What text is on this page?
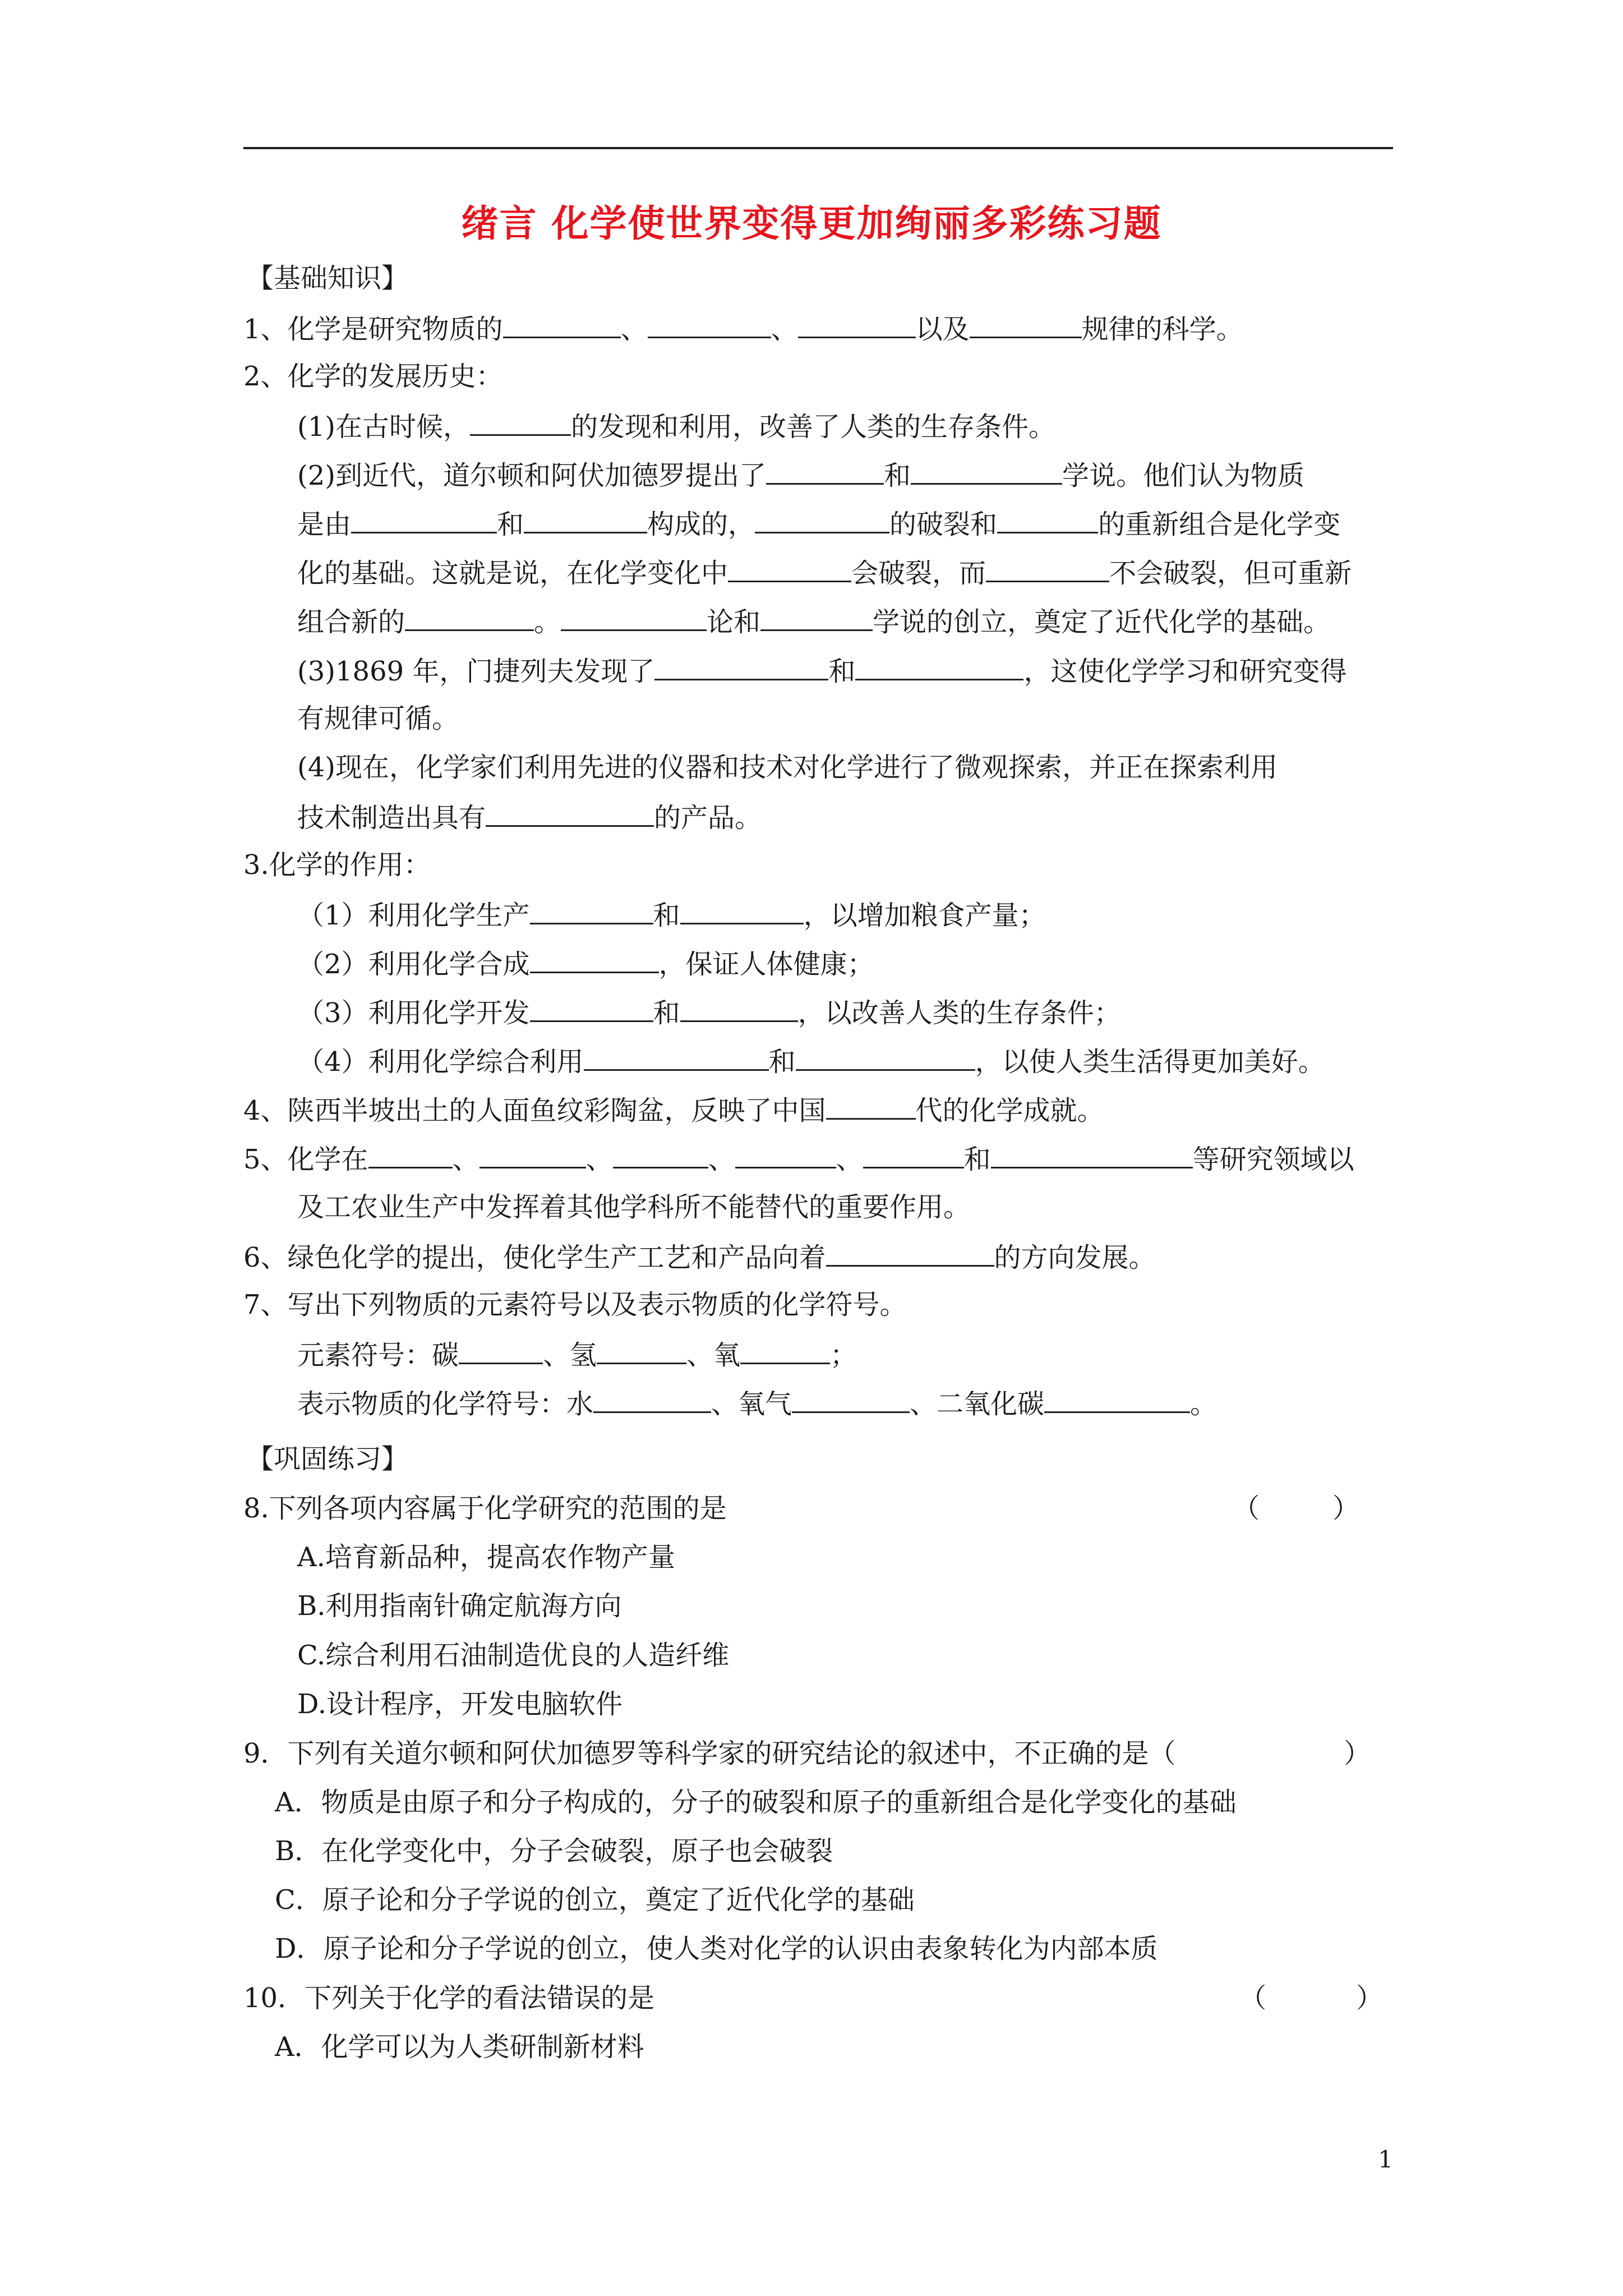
绪言 化学使世界变得更加绚丽多彩练习题
【基础知识】
1、化学是研究物质的	、	、	以及	规律的科学。
2、化学的发展历史：
(1)在古时候，	的发现和利用，改善了人类的生存条件。
(2)到近代，道尔顿和阿伏加德罗提出了	和	学说。他们认为物质
是由	和	构成的，	的破裂和	的重新组合是化学变
化的基础。这就是说，在化学变化中	会破裂，而	不会破裂，但可重新
组合新的	。	论和	学说的创立，奠定了近代化学的基础。
(3)1869 年，门捷列夫发现了	和	，这使化学学习和研究变得
有规律可循。
(4)现在，化学家们利用先进的仪器和技术对化学进行了微观探索，并正在探索利用
技术制造出具有	的产品。
3.化学的作用：
（1）利用化学生产	和	，以增加粮食产量；
（2）利用化学合成	，保证人体健康；
（3）利用化学开发	和	，以改善人类的生存条件；
（4）利用化学综合利用	和	，以使人类生活得更加美好。
4、陕西半坡出土的人面鱼纹彩陶盆，反映了中国	代的化学成就。
5、化学在	、	、	、	、	和	等研究领域以
及工农业生产中发挥着其他学科所不能替代的重要作用。
6、绿色化学的提出，使化学生产工艺和产品向着	的方向发展。
7、写出下列物质的元素符号以及表示物质的化学符号。
元素符号：碳	、氢	、氧	；
表示物质的化学符号：水	、氧气	、二氧化碳	。
【巩固练习】
8.下列各项内容属于化学研究的范围的是
A.培育新品种，提高农作物产量
B.利用指南针确定航海方向
C.综合利用石油制造优良的人造纤维
D.设计程序，开发电脑软件
9．下列有关道尔顿和阿伏加德罗等科学家的研究结论的叙述中，不正确的是（
A．物质是由原子和分子构成的，分子的破裂和原子的重新组合是化学变化的基础
B．在化学变化中，分子会破裂，原子也会破裂
C．原子论和分子学说的创立，奠定了近代化学的基础
D．原子论和分子学说的创立，使人类对化学的认识由表象转化为内部本质
10．下列关于化学的看法错误的是
A．化学可以为人类研制新材料
（	）
）
（	）
1
